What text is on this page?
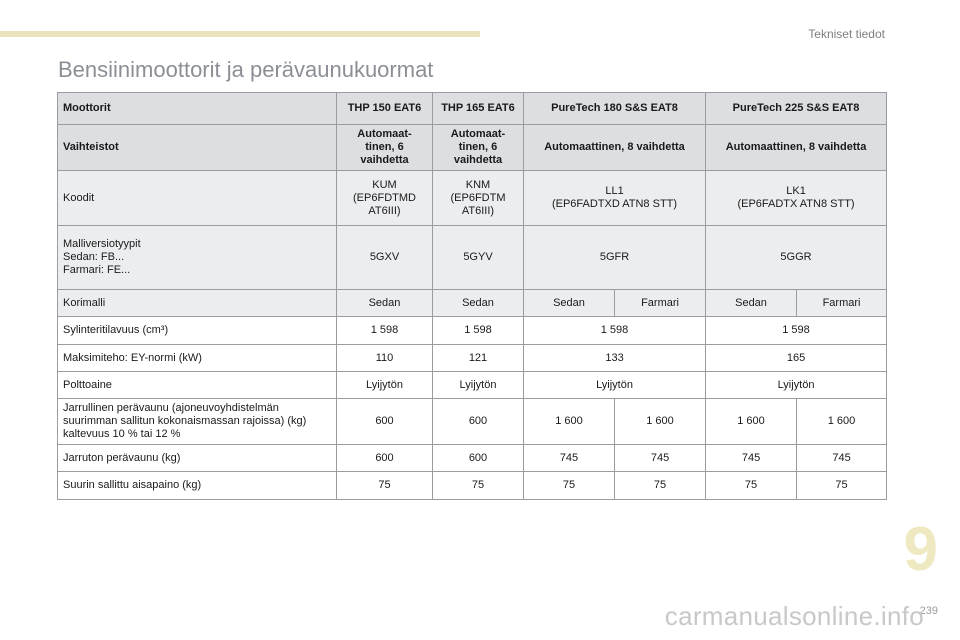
Tekniset tiedot
Bensiinimoottorit ja perävaunukuormat
Moottorit	THP 150 EAT6	THP 165 EAT6	PureTech 180 S&S EAT8		PureTech 225 S&S EAT8	
Vaihteistot	Automaat-
tinen, 6
vaihdetta	Automaat-
tinen, 6
vaihdetta	Automaattinen, 8 vaihdetta		Automaattinen, 8 vaihdetta	
Koodit	KUM
(EP6FDTMD
AT6III)	KNM
(EP6FDTM
AT6III)	LL1
(EP6FADTXD ATN8 STT)		LK1
(EP6FADTX ATN8 STT)	
Malliversiotyypit
Sedan: FB...
Farmari: FE...	5GXV	5GYV	5GFR		5GGR	
Korimalli	Sedan	Sedan	Sedan	Farmari	Sedan	Farmari
Sylinteritilavuus (cm³)	1 598	1 598	1 598		1 598	
Maksimiteho: EY-normi (kW)	110	121	133		165	
Polttoaine	Lyijytön	Lyijytön	Lyijytön		Lyijytön	
Jarrullinen perävaunu (ajoneuvoyhdistelmän
suurimman sallitun kokonaismassan rajoissa) (kg)
kaltevuus 10 % tai 12 %	600	600	1 600	1 600	1 600	1 600
Jarruton perävaunu (kg)	600	600	745	745	745	745
Suurin sallittu aisapaino (kg)	75	75	75	75	75	75
9
239
carmanualsonline.info
